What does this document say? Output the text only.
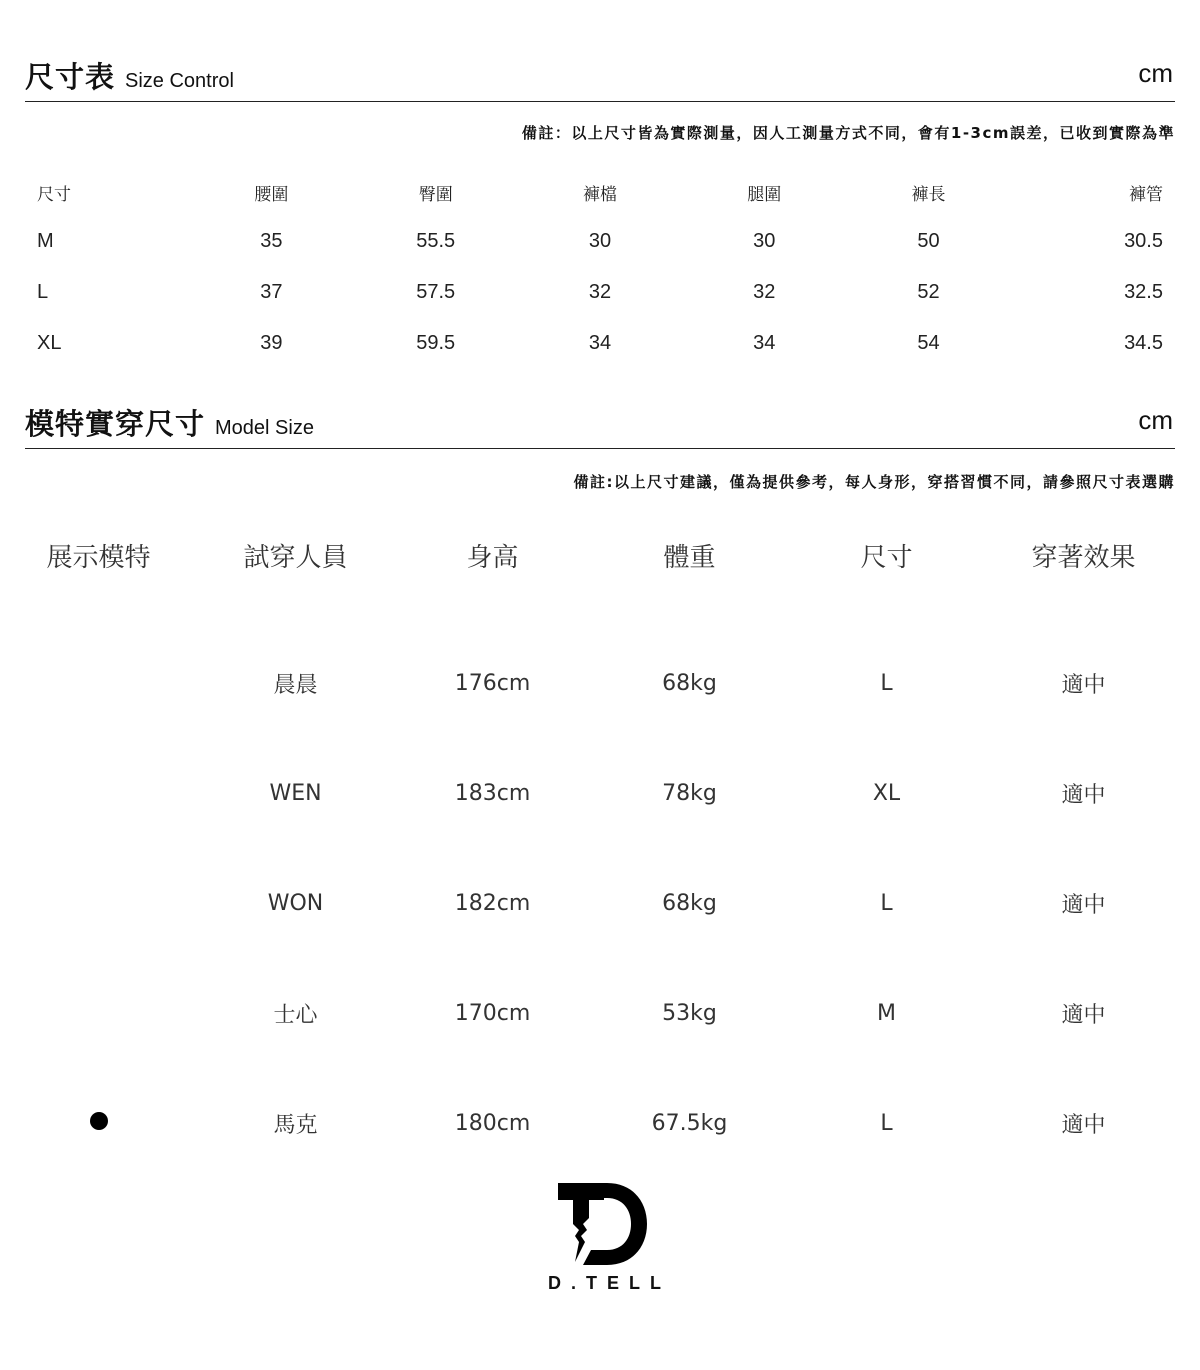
尺寸表 Size Control	cm
備註：以上尺寸皆為實際測量，因人工測量方式不同，會有1-3cm誤差，已收到實際為準
尺寸	腰圍	臀圍	褲檔	腿圍	褲長	褲管
M	35	55.5	30	30	50	30.5
L	37	57.5	32	32	52	32.5
XL	39	59.5	34	34	54	34.5
模特實穿尺寸 Model Size	cm
備註:以上尺寸建議，僅為提供參考，每人身形，穿搭習慣不同，請參照尺寸表選購
展示模特	試穿人員	身高	體重	尺寸	穿著效果
	晨晨	176cm	68kg	L	適中
	WEN	183cm	78kg	XL	適中
	WON	182cm	68kg	L	適中
	士心	170cm	53kg	M	適中
	馬克	180cm	67.5kg	L	適中
D.TELL
